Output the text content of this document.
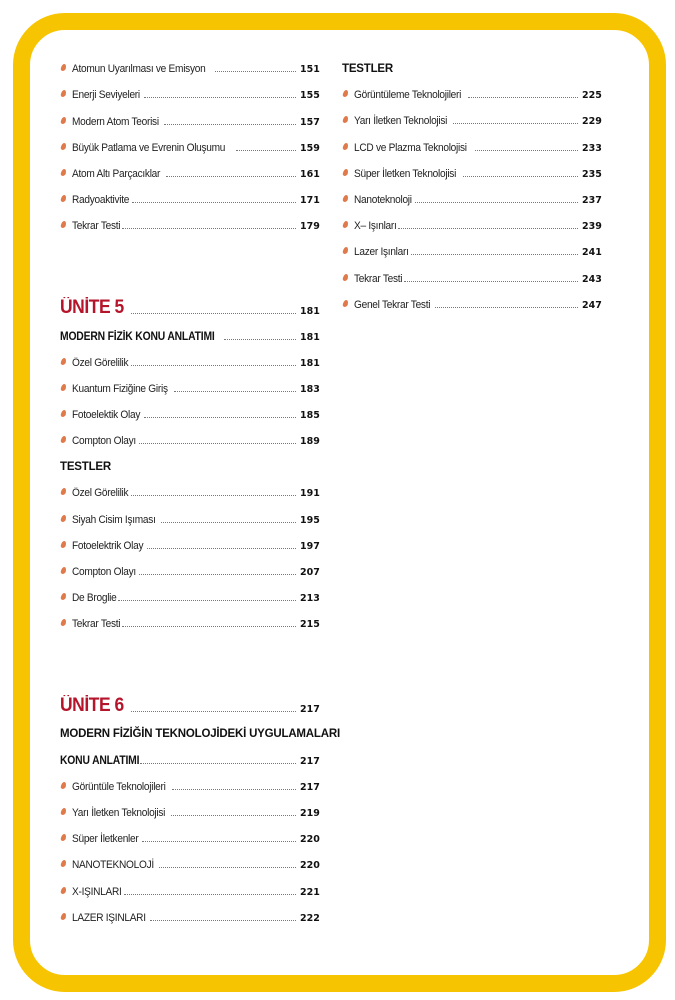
Atomun Uyarılması ve Emisyon	151
Enerji Seviyeleri	155
Modern Atom Teorisi	157
Büyük Patlama ve Evrenin Oluşumu	159
Atom Altı Parçacıklar	161
Radyoaktivite	171
Tekrar Testi	179
ÜNİTE 5	181
MODERN FİZİK KONU ANLATIMI	181
Özel Görelilik	181
Kuantum Fiziğine Giriş	183
Fotoelektik Olay	185
Compton Olayı	189
TESTLER
Özel Görelilik	191
Siyah Cisim Işıması	195
Fotoelektrik Olay	197
Compton Olayı	207
De Broglie	213
Tekrar Testi	215
ÜNİTE 6	217
MODERN FİZİĞİN TEKNOLOJİDEKİ UYGULAMALARI
KONU ANLATIMI	217
Görüntüle Teknolojileri	217
Yarı İletken Teknolojisi	219
Süper İletkenler	220
NANOTEKNOLOJİ	220
X-IŞINLARI	221
LAZER IŞINLARI	222
TESTLER
Görüntüleme Teknolojileri	225
Yarı İletken Teknolojisi	229
LCD ve Plazma Teknolojisi	233
Süper İletken Teknolojisi	235
Nanoteknoloji	237
X– Işınları	239
Lazer Işınları	241
Tekrar Testi	243
Genel Tekrar Testi	247
